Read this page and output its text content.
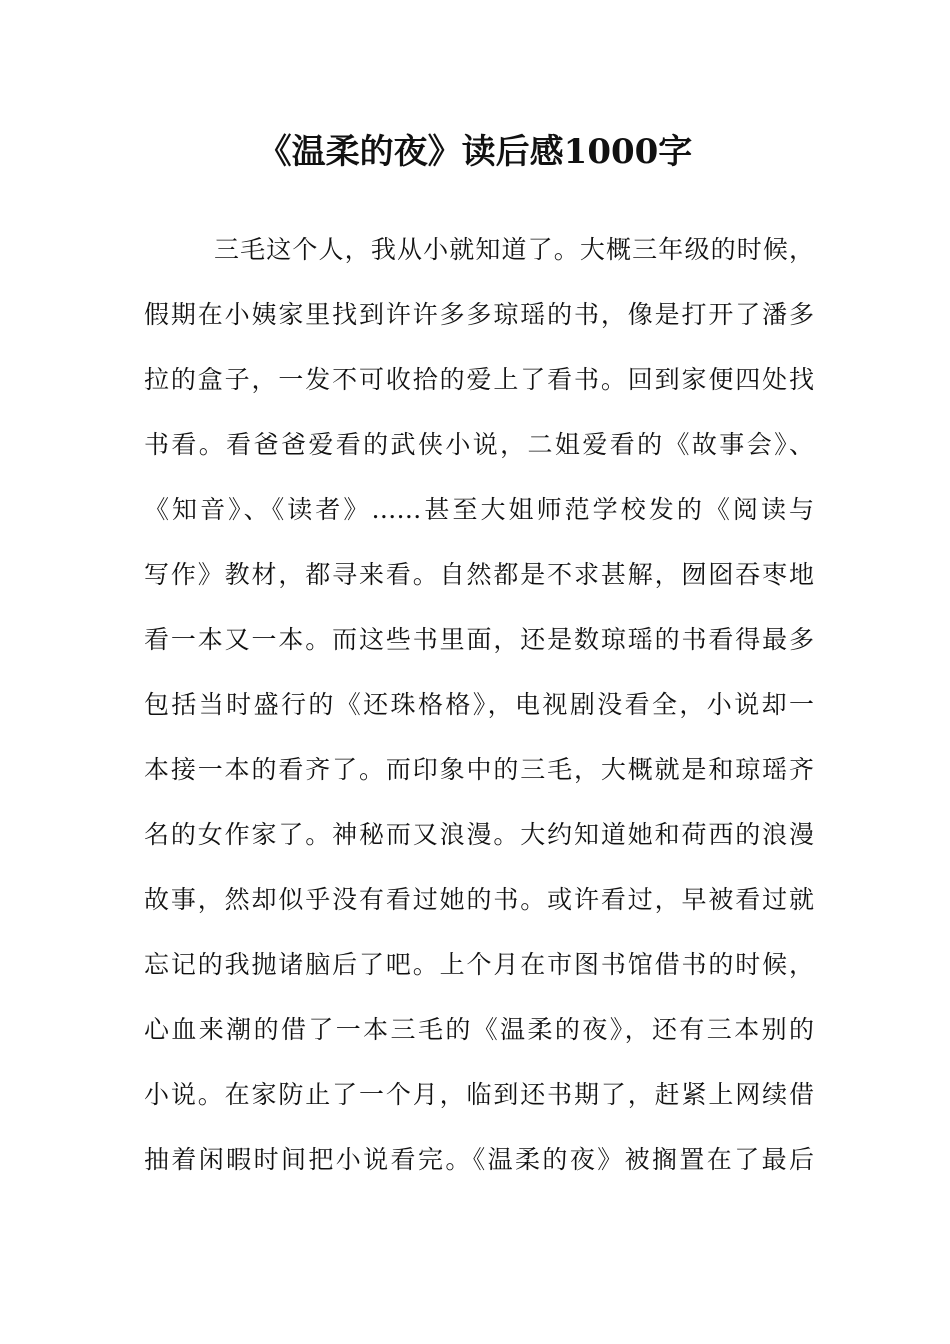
《温柔的夜》读后感1000字
三毛这个人，我从小就知道了。大概三年级的时候，
假期在小姨家里找到许许多多琼瑶的书，像是打开了潘多
拉的盒子，一发不可收拾的爱上了看书。回到家便四处找
书看。看爸爸爱看的武侠小说，二姐爱看的《故事会》、
《知音》、《读者》……甚至大姐师范学校发的《阅读与
写作》教材，都寻来看。自然都是不求甚解，囫囵吞枣地
看一本又一本。而这些书里面，还是数琼瑶的书看得最多
包括当时盛行的《还珠格格》，电视剧没看全，小说却一
本接一本的看齐了。而印象中的三毛，大概就是和琼瑶齐
名的女作家了。神秘而又浪漫。大约知道她和荷西的浪漫
故事，然却似乎没有看过她的书。或许看过，早被看过就
忘记的我抛诸脑后了吧。上个月在市图书馆借书的时候，
心血来潮的借了一本三毛的《温柔的夜》，还有三本别的
小说。在家防止了一个月，临到还书期了，赶紧上网续借
抽着闲暇时间把小说看完。《温柔的夜》被搁置在了最后
